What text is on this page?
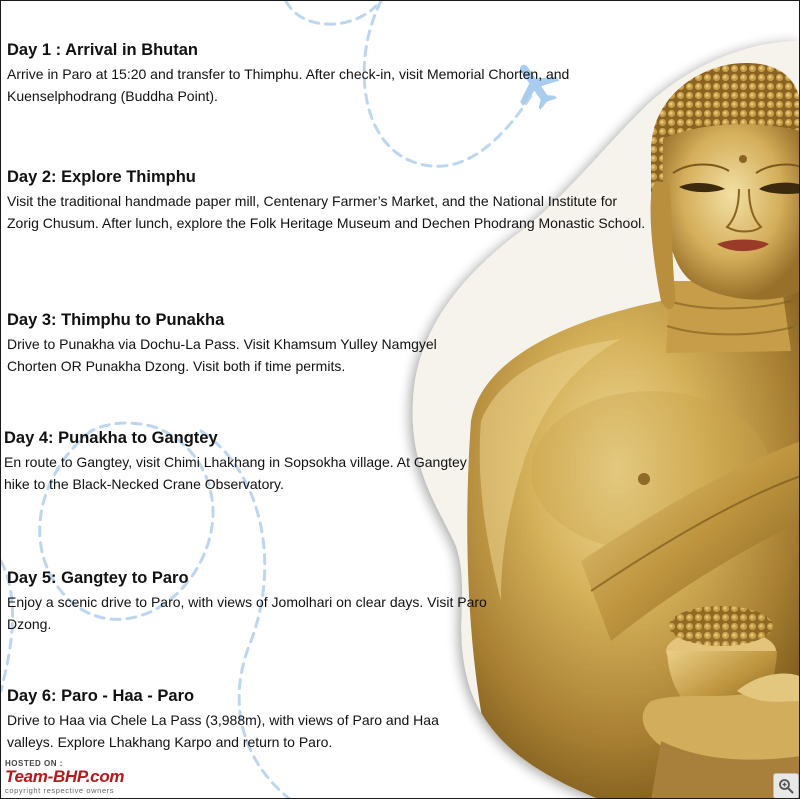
Day 1 : Arrival in Bhutan

Arrive in Paro at 15:20 and transfer to Thimphu. After check-in, visit Memorial Chorten, and Kuenselphodrang (Buddha Point).

Day 2: Explore Thimphu

Visit the traditional handmade paper mill, Centenary Farmer’s Market, and the National Institute for Zorig Chusum. After lunch, explore the Folk Heritage Museum and Dechen Phodrang Monastic School.

Day 3: Thimphu to Punakha

Drive to Punakha via Dochu-La Pass. Visit Khamsum Yulley Namgyel Chorten OR Punakha Dzong. Visit both if time permits.

Day 4: Punakha to Gangtey

En route to Gangtey, visit Chimi Lhakhang in Sopsokha village. At Gangtey hike to the Black-Necked Crane Observatory.

Day 5: Gangtey to Paro

Enjoy a scenic drive to Paro, with views of Jomolhari on clear days. Visit Paro Dzong.

Day 6: Paro - Haa - Paro

Drive to Haa via Chele La Pass (3,988m), with views of Paro and Haa valleys. Explore Lhakhang Karpo and return to Paro.

HOSTED ON :
Team-BHP.com
copyright respective owners
